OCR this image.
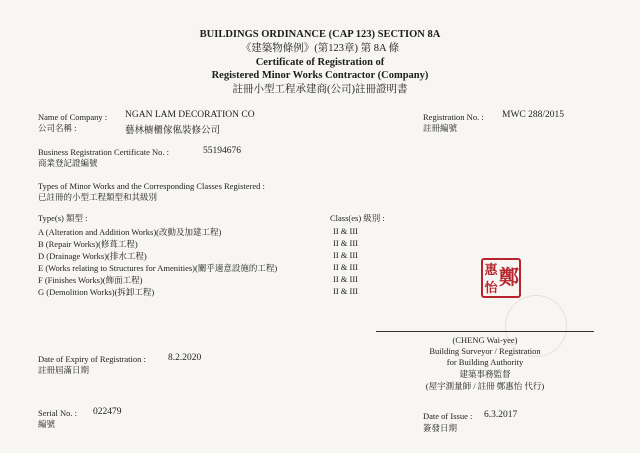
BUILDINGS ORDINANCE (CAP 123) SECTION 8A
《建築物條例》(第123章) 第 8A 條
Certificate of Registration of
Registered Minor Works Contractor (Company)
註冊小型工程承建商(公司)註冊證明書
Name of Company :
公司名稱 :
NGAN LAM DECORATION CO
藝林櫥櫃傢俬裝修公司
Registration No. :
註冊編號
MWC 288/2015
Business Registration Certificate No. :
商業登記證編號
55194676
Types of Minor Works and the Corresponding Classes Registered :
已註冊的小型工程類型和其級別
Type(s) 類型 :	Class(es) 級別 :
A (Alteration and Addition Works)(改動及加建工程)	II & III
B (Repair Works)(修葺工程)	II & III
D (Drainage Works)(排水工程)	II & III
E (Works relating to Structures for Amenities)(關乎適意設施的工程)	II & III
F (Finishes Works)(飾面工程)	II & III
G (Demolition Works)(拆卸工程)	II & III
惠 鄭
怡
(CHENG Wai-yee)
Building Surveyor / Registration
for Building Authority
建築事務監督
(屋宇測量師 / 註冊 鄭惠怡 代行)
Date of Expiry of Registration :
註冊屆滿日期
8.2.2020
Serial No. :
編號
022479	Date of Issue :
簽發日期
6.3.2017
